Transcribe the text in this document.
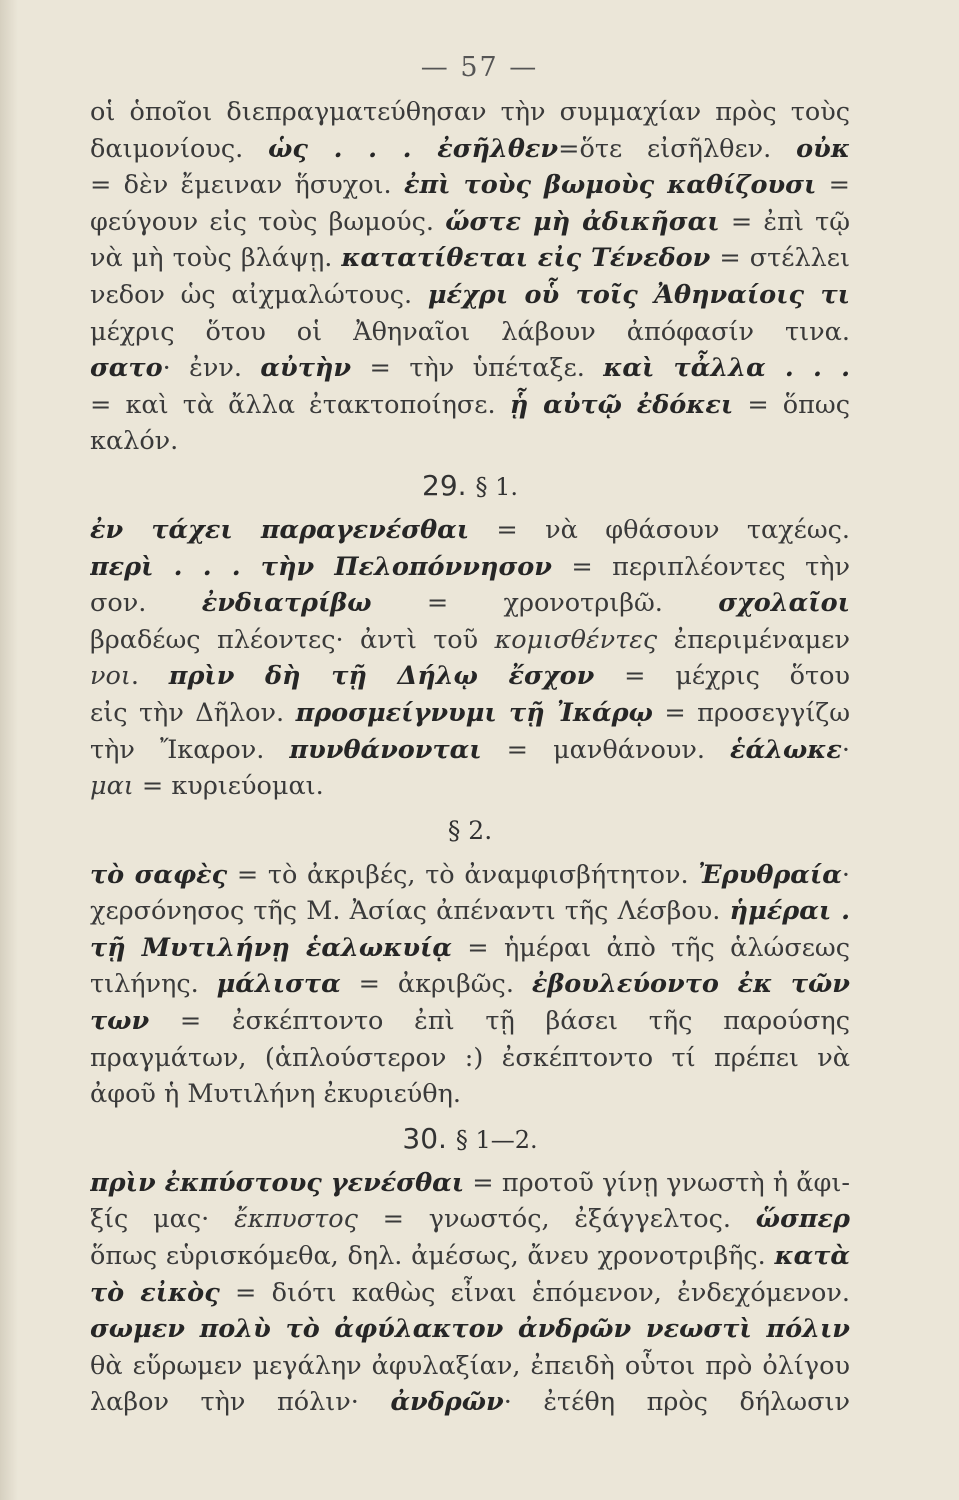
— 57 —
οἱ ὁποῖοι διεπραγματεύθησαν τὴν συμμαχίαν πρὸς τοὺς
δαιμονίους. ὡς . . . ἐσῆλθεν=ὅτε εἰσῆλθεν. οὐκ
= δὲν ἔμειναν ἥσυχοι. ἐπὶ τοὺς βωμοὺς καθίζουσι =
φεύγουν εἰς τοὺς βωμούς. ὥστε μὴ ἀδικῆσαι = ἐπὶ τῷ
νὰ μὴ τοὺς βλάψῃ. κατατίθεται εἰς Τένεδον = στέλλει
νεδον ὡς αἰχμαλώτους. μέχρι οὗ τοῖς Ἀθηναίοις τι
μέχρις ὅτου οἱ Ἀθηναῖοι λάβουν ἀπόφασίν τινα.
σατο· ἐνν. αὐτὴν = τὴν ὑπέταξε. καὶ τἆλλα . . .
= καὶ τὰ ἄλλα ἐτακτοποίησε. ᾗ αὐτῷ ἐδόκει = ὅπως
καλόν.
29. § 1.
ἐν τάχει παραγενέσθαι = νὰ φθάσουν ταχέως.
περὶ . . . τὴν Πελοπόννησον = περιπλέοντες τὴν
σον. ἐνδιατρίβω = χρονοτριβῶ. σχολαῖοι
βραδέως πλέοντες· ἀντὶ τοῦ κομισθέντες ἐπεριμέναμεν
νοι. πρὶν δὴ τῇ Δήλῳ ἔσχον = μέχρις ὅτου
εἰς τὴν Δῆλον. προσμείγνυμι τῇ Ἰκάρῳ = προσεγγίζω
τὴν Ἴκαρον. πυνθάνονται = μανθάνουν. ἑάλωκε·
μαι = κυριεύομαι.
§ 2.
τὸ σαφὲς = τὸ ἀκριβές, τὸ ἀναμφισβήτητον. Ἐρυθραία·
χερσόνησος τῆς Μ. Ἀσίας ἀπέναντι τῆς Λέσβου. ἡμέραι .
τῇ Μυτιλήνῃ ἑαλωκυίᾳ = ἡμέραι ἀπὸ τῆς ἁλώσεως
τιλήνης. μάλιστα = ἀκριβῶς. ἐβουλεύοντο ἐκ τῶν
των = ἐσκέπτοντο ἐπὶ τῇ βάσει τῆς παρούσης
πραγμάτων, (ἁπλούστερον :) ἐσκέπτοντο τί πρέπει νὰ
ἀφοῦ ἡ Μυτιλήνη ἐκυριεύθη.
30. § 1—2.
πρὶν ἐκπύστους γενέσθαι = προτοῦ γίνῃ γνωστὴ ἡ ἄφι-
ξίς μας· ἔκπυστος = γνωστός, ἐξάγγελτος. ὥσπερ
ὅπως εὑρισκόμεθα, δηλ. ἀμέσως, ἄνευ χρονοτριβῆς. κατὰ
τὸ εἰκὸς = διότι καθὼς εἶναι ἑπόμενον, ἐνδεχόμενον.
σωμεν πολὺ τὸ ἀφύλακτον ἀνδρῶν νεωστὶ πόλιν
θὰ εὕρωμεν μεγάλην ἀφυλαξίαν, ἐπειδὴ οὗτοι πρὸ ὀλίγου
λαβον τὴν πόλιν· ἀνδρῶν· ἐτέθη πρὸς δήλωσιν
